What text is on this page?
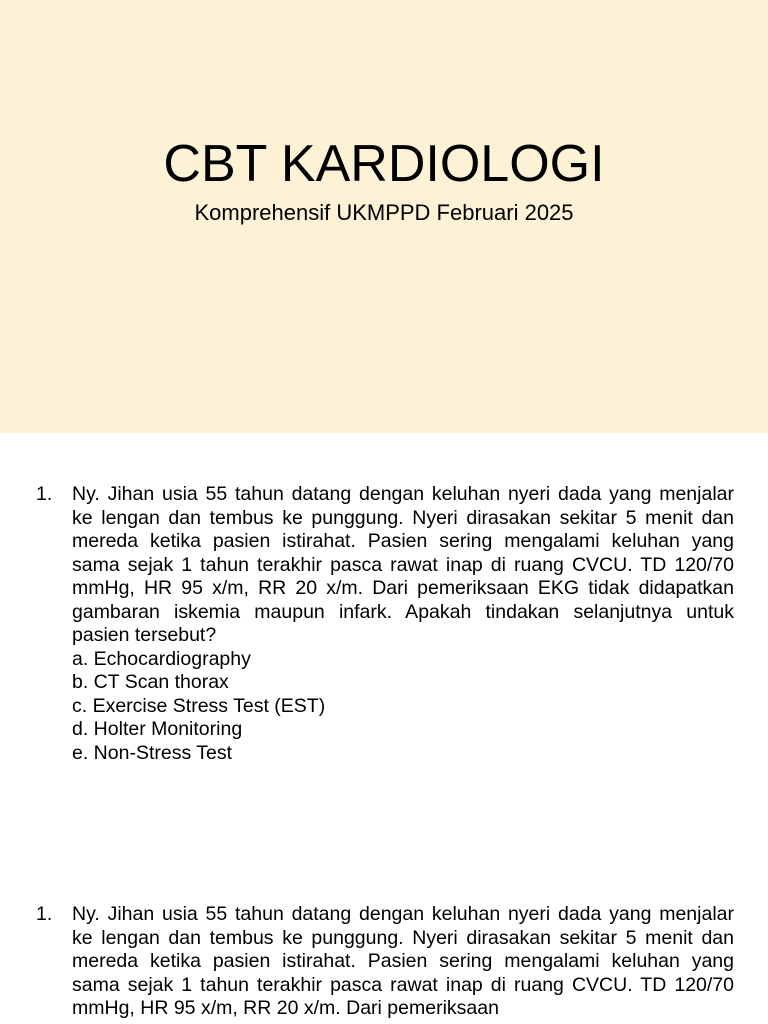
CBT KARDIOLOGI

Komprehensif UKMPPD Februari 2025

1.	Ny. Jihan usia 55 tahun datang dengan keluhan nyeri dada yang menjalar ke lengan dan tembus ke punggung. Nyeri dirasakan sekitar 5 menit dan mereda ketika pasien istirahat. Pasien sering mengalami keluhan yang sama sejak 1 tahun terakhir pasca rawat inap di ruang CVCU. TD 120/70 mmHg, HR 95 x/m, RR 20 x/m. Dari pemeriksaan EKG tidak didapatkan gambaran iskemia maupun infark. Apakah tindakan selanjutnya untuk pasien tersebut?

a. Echocardiography
b. CT Scan thorax
c. Exercise Stress Test (EST)
d. Holter Monitoring
e. Non-Stress Test
1.	Ny. Jihan usia 55 tahun datang dengan keluhan nyeri dada yang menjalar ke lengan dan tembus ke punggung. Nyeri dirasakan sekitar 5 menit dan mereda ketika pasien istirahat. Pasien sering mengalami keluhan yang sama sejak 1 tahun terakhir pasca rawat inap di ruang CVCU. TD 120/70 mmHg, HR 95 x/m, RR 20 x/m. Dari pemeriksaan
